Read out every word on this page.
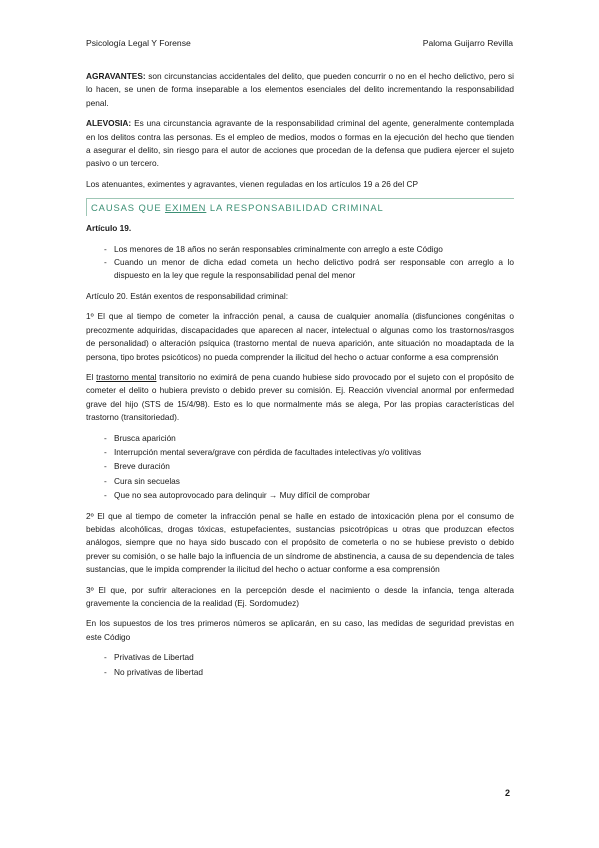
Psicología Legal Y Forense	Paloma Guijarro Revilla

AGRAVANTES: son circunstancias accidentales del delito, que pueden concurrir o no en el hecho delictivo, pero si lo hacen, se unen de forma inseparable a los elementos esenciales del delito incrementando la responsabilidad penal.

ALEVOSIA: Es una circunstancia agravante de la responsabilidad criminal del agente, generalmente contemplada en los delitos contra las personas. Es el empleo de medios, modos o formas en la ejecución del hecho que tienden a asegurar el delito, sin riesgo para el autor de acciones que procedan de la defensa que pudiera ejercer el sujeto pasivo o un tercero.

Los atenuantes, eximentes y agravantes, vienen reguladas en los artículos 19 a 26 del CP

CAUSAS QUE EXIMEN LA RESPONSABILIDAD CRIMINAL

Artículo 19.

- Los menores de 18 años no serán responsables criminalmente con arreglo a este Código
- Cuando un menor de dicha edad cometa un hecho delictivo podrá ser responsable con arreglo a lo dispuesto en la ley que regule la responsabilidad penal del menor

Artículo 20. Están exentos de responsabilidad criminal:

1º El que al tiempo de cometer la infracción penal, a causa de cualquier anomalía (disfunciones congénitas o precozmente adquiridas, discapacidades que aparecen al nacer, intelectual o algunas como los trastornos/rasgos de personalidad) o alteración psíquica (trastorno mental de nueva aparición, ante situación no moadaptada de la persona, tipo brotes psicóticos) no pueda comprender la ilicitud del hecho o actuar conforme a esa comprensión

El trastorno mental transitorio no eximirá de pena cuando hubiese sido provocado por el sujeto con el propósito de cometer el delito o hubiera previsto o debido prever su comisión. Ej. Reacción vivencial anormal por enfermedad grave del hijo (STS de 15/4/98). Esto es lo que normalmente más se alega, Por las propias características del trastorno (transitoriedad).

- Brusca aparición
- Interrupción mental severa/grave con pérdida de facultades intelectivas y/o volitivas
- Breve duración
- Cura sin secuelas
- Que no sea autoprovocado para delinquir → Muy difícil de comprobar

2º El que al tiempo de cometer la infracción penal se halle en estado de intoxicación plena por el consumo de bebidas alcohólicas, drogas tóxicas, estupefacientes, sustancias psicotrópicas u otras que produzcan efectos análogos, siempre que no haya sido buscado con el propósito de cometerla o no se hubiese previsto o debido prever su comisión, o se halle bajo la influencia de un síndrome de abstinencia, a causa de su dependencia de tales sustancias, que le impida comprender la ilicitud del hecho o actuar conforme a esa comprensión

3º El que, por sufrir alteraciones en la percepción desde el nacimiento o desde la infancia, tenga alterada gravemente la conciencia de la realidad (Ej. Sordomudez)

En los supuestos de los tres primeros números se aplicarán, en su caso, las medidas de seguridad previstas en este Código

- Privativas de Libertad
- No privativas de libertad
2
